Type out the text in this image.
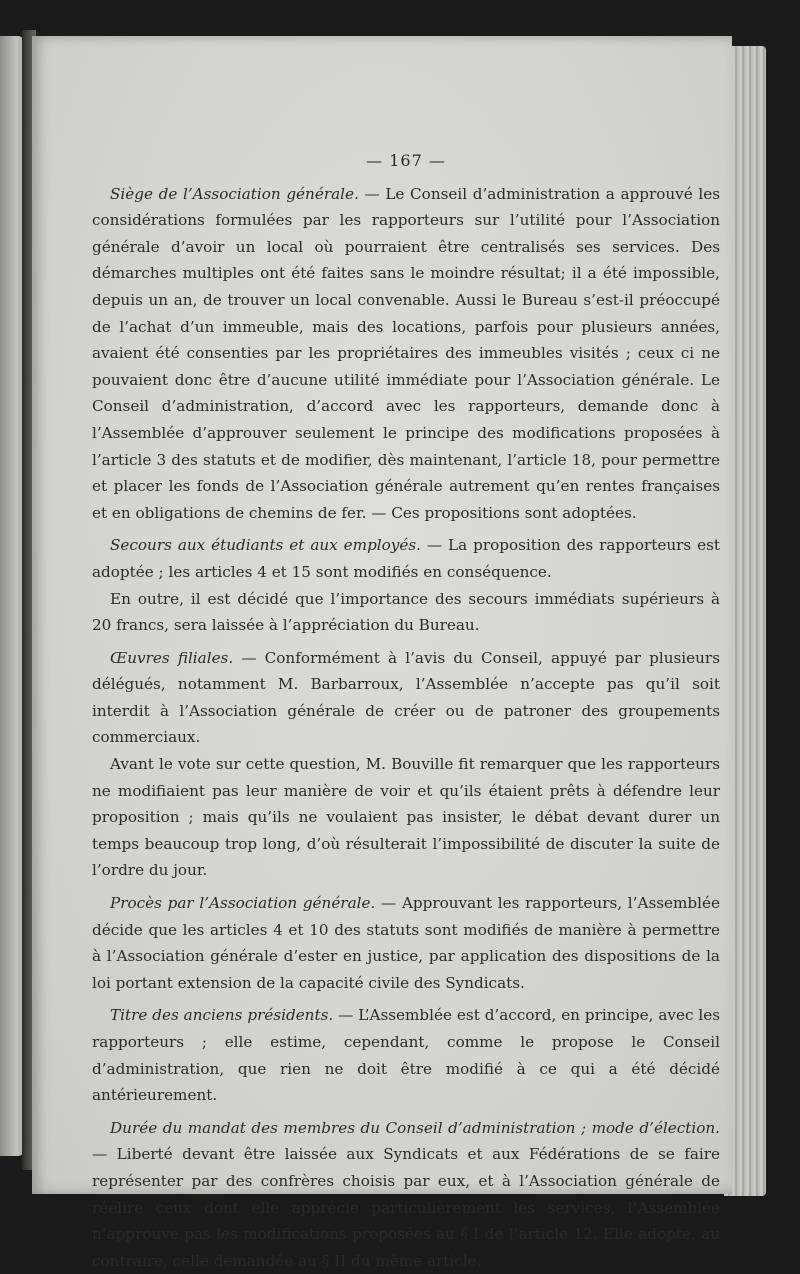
— 167 —

Siège de l’Association générale. — Le Conseil d’administration a approuvé les considérations formulées par les rapporteurs sur l’utilité pour l’Association générale d’avoir un local où pourraient être centralisés ses services. Des démarches multiples ont été faites sans le moindre résultat; il a été impossible, depuis un an, de trouver un local convenable. Aussi le Bureau s’est-il préoccupé de l’achat d’un immeuble, mais des locations, parfois pour plusieurs années, avaient été consenties par les propriétaires des immeubles visités ; ceux ci ne pouvaient donc être d’aucune utilité immédiate pour l’Association générale. Le Conseil d’administration, d’accord avec les rapporteurs, demande donc à l’Assemblée d’approuver seulement le principe des modifications proposées à l’article 3 des statuts et de modifier, dès maintenant, l’article 18, pour permettre et placer les fonds de l’Association générale autrement qu’en rentes françaises et en obligations de chemins de fer. — Ces propositions sont adoptées.

Secours aux étudiants et aux employés. — La proposition des rapporteurs est adoptée ; les articles 4 et 15 sont modifiés en conséquence.

En outre, il est décidé que l’importance des secours immédiats supérieurs à 20 francs, sera laissée à l’appréciation du Bureau.

Œuvres filiales. — Conformément à l’avis du Conseil, appuyé par plusieurs délégués, notamment M. Barbarroux, l’Assemblée n’accepte pas qu’il soit interdit à l’Association générale de créer ou de patroner des groupements commerciaux.

Avant le vote sur cette question, M. Bouville fit remarquer que les rapporteurs ne modifiaient pas leur manière de voir et qu’ils étaient prêts à défendre leur proposition ; mais qu’ils ne voulaient pas insister, le débat devant durer un temps beaucoup trop long, d’où résulterait l’impossibilité de discuter la suite de l’ordre du jour.

Procès par l’Association générale. — Approuvant les rapporteurs, l’Assemblée décide que les articles 4 et 10 des statuts sont modifiés de manière à permettre à l’Association générale d’ester en justice, par application des dispositions de la loi portant extension de la capacité civile des Syndicats.

Titre des anciens présidents. — L’Assemblée est d’accord, en principe, avec les rapporteurs ; elle estime, cependant, comme le propose le Conseil d’administration, que rien ne doit être modifié à ce qui a été décidé antérieurement.

Durée du mandat des membres du Conseil d’administration ; mode d’élection. — Liberté devant être laissée aux Syndicats et aux Fédérations de se faire représenter par des confrères choisis par eux, et à l’Association générale de réélire ceux dont elle apprécie particulièrement les services, l’Assemblée n’approuve pas les modifications proposées au § I de l’article 12. Elle adopte, au contraire, celle demandée au § II du même article.
